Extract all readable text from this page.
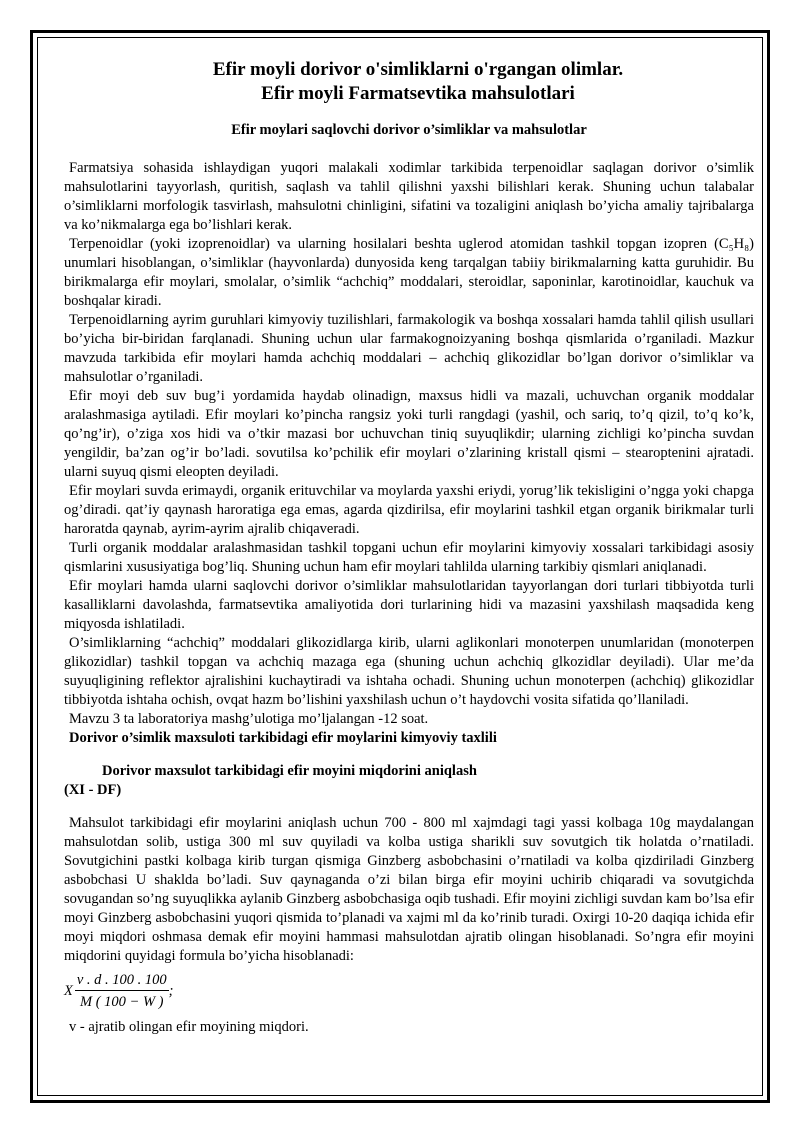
Efir moyli dorivor o'simliklarni o'rgangan olimlar.
Efir moyli Farmatsevtika mahsulotlari
Efir moylari saqlovchi dorivor o’simliklar va mahsulotlar

Farmatsiya sohasida ishlaydigan yuqori malakali xodimlar tarkibida terpenoidlar saqlagan dorivor o’simlik mahsulotlarini tayyorlash, quritish, saqlash va tahlil qilishni yaxshi bilishlari kerak. Shuning uchun talabalar o’simliklarni morfologik tasvirlash, mahsulotni chinligini, sifatini va tozaligini aniqlash bo’yicha amaliy tajribalarga va ko’nikmalarga ega bo’lishlari kerak.

Terpenoidlar (yoki izoprenoidlar) va ularning hosilalari beshta uglerod atomidan tashkil topgan izopren (C₅H₈) unumlari hisoblangan, o’simliklar (hayvonlarda) dunyosida keng tarqalgan tabiiy birikmalarning katta guruhidir. Bu birikmalarga efir moylari, smolalar, o’simlik “achchiq” moddalari, steroidlar, saponinlar, karotinoidlar, kauchuk va boshqalar kiradi.

Terpenoidlarning ayrim guruhlari kimyoviy tuzilishlari, farmakologik va boshqa xossalari hamda tahlil qilish usullari bo’yicha bir-biridan farqlanadi. Shuning uchun ular farmakognoizyaning boshqa qismlarida o’rganiladi. Mazkur mavzuda tarkibida efir moylari hamda achchiq moddalari – achchiq glikozidlar bo’lgan dorivor o’simliklar va mahsulotlar o’rganiladi.

Efir moyi deb suv bug’i yordamida haydab olinadign, maxsus hidli va mazali, uchuvchan organik moddalar aralashmasiga aytiladi. Efir moylari ko’pincha rangsiz yoki turli rangdagi (yashil, och sariq, to’q qizil, to’q ko’k, qo’ng’ir), o’ziga xos hidi va o’tkir mazasi bor uchuvchan tiniq suyuqlikdir; ularning zichligi ko’pincha suvdan yengildir, ba’zan og’ir bo’ladi. sovutilsa ko’pchilik efir moylari o’zlarining kristall qismi – stearoptenini ajratadi. ularni suyuq qismi eleopten deyiladi.

Efir moylari suvda erimaydi, organik erituvchilar va moylarda yaxshi eriydi, yorug’lik tekisligini o’ngga yoki chapga og’diradi. qat’iy qaynash haroratiga ega emas, agarda qizdirilsa, efir moylarini tashkil etgan organik birikmalar turli haroratda qaynab, ayrim-ayrim ajralib chiqaveradi.

Turli organik moddalar aralashmasidan tashkil topgani uchun efir moylarini kimyoviy xossalari tarkibidagi asosiy qismlarini xususiyatiga bog’liq. Shuning uchun ham efir moylari tahlilda ularning tarkibiy qismlari aniqlanadi.

Efir moylari hamda ularni saqlovchi dorivor o’simliklar mahsulotlaridan tayyorlangan dori turlari tibbiyotda turli kasalliklarni davolashda, farmatsevtika amaliyotida dori turlarining hidi va mazasini yaxshilash maqsadida keng miqyosda ishlatiladi.

O’simliklarning “achchiq” moddalari glikozidlarga kirib, ularni aglikonlari monoterpen unumlaridan (monoterpen glikozidlar) tashkil topgan va achchiq mazaga ega (shuning uchun achchiq glkozidlar deyiladi). Ular me’da suyuqligining reflektor ajralishini kuchaytiradi va ishtaha ochadi. Shuning uchun monoterpen (achchiq) glikozidlar tibbiyotda ishtaha ochish, ovqat hazm bo’lishini yaxshilash uchun o’t haydovchi vosita sifatida qo’llaniladi.

Mavzu 3 ta laboratoriya mashg’ulotiga mo’ljalangan -12 soat.

Dorivor o’simlik maxsuloti tarkibidagi efir moylarini kimyoviy taxlili

Dorivor maxsulot tarkibidagi efir moyini miqdorini aniqlash
(XI - DF)

Mahsulot tarkibidagi efir moylarini aniqlash uchun 700 - 800 ml xajmdagi tagi yassi kolbaga 10g maydalangan mahsulotdan solib, ustiga 300 ml suv quyiladi va kolba ustiga sharikli suv sovutgich tik holatda o’rnatiladi. Sovutgichini pastki kolbaga kirib turgan qismiga Ginzberg asbobchasini o’rnatiladi va kolba qizdiriladi Ginzberg asbobchasi U shaklda bo’ladi. Suv qaynaganda o’zi bilan birga efir moyini uchirib chiqaradi va sovutgichda sovugandan so’ng suyuqlikka aylanib Ginzberg asbobchasiga oqib tushadi. Efir moyini zichligi suvdan kam bo’lsa efir moyi Ginzberg asbobchasini yuqori qismida to’planadi va xajmi ml da ko’rinib turadi. Oxirgi 10-20 daqiqa ichida efir moyi miqdori oshmasa demak efir moyini hammasi mahsulotdan ajratib olingan hisoblanadi. So’ngra efir moyini miqdorini quyidagi formula bo’yicha hisoblanadi:

X $\frac{v . d . 100 . 100}{M ( 100 - W )}$ ;

v - ajratib olingan efir moyining miqdori.
